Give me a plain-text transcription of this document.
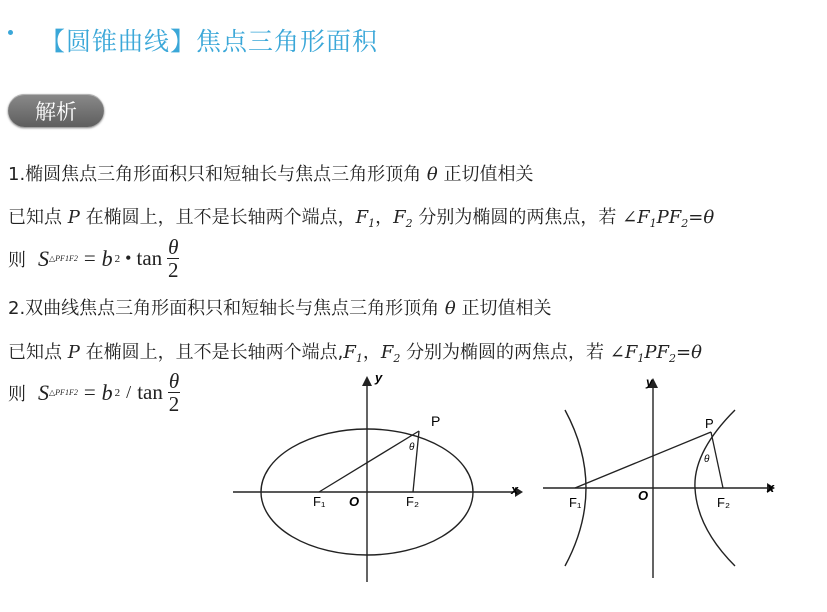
【圆锥曲线】焦点三角形面积
解析
1.椭圆焦点三角形面积只和短轴长与焦点三角形顶角 θ 正切值相关
已知点 P 在椭圆上，且不是长轴两个端点，$F_1$，$F_2$ 分别为椭圆的两焦点，若 $\angle F_1PF_2=\theta$
则 S △PF1F2 = b 2 • $\tan \frac{\theta}{2}$
2.双曲线焦点三角形面积只和短轴长与焦点三角形顶角 θ 正切值相关
已知点 P 在椭圆上，且不是长轴两个端点$,F_1$，$F_2$ 分别为椭圆的两焦点，若 $\angle F_1PF_2=\theta$
则 S △PF1F2 = b $2 / \tan \frac{\theta}{2}$	y
x
O
P
θ
F₁	F₂
y
x
O
P
θ
F₁	F₂
